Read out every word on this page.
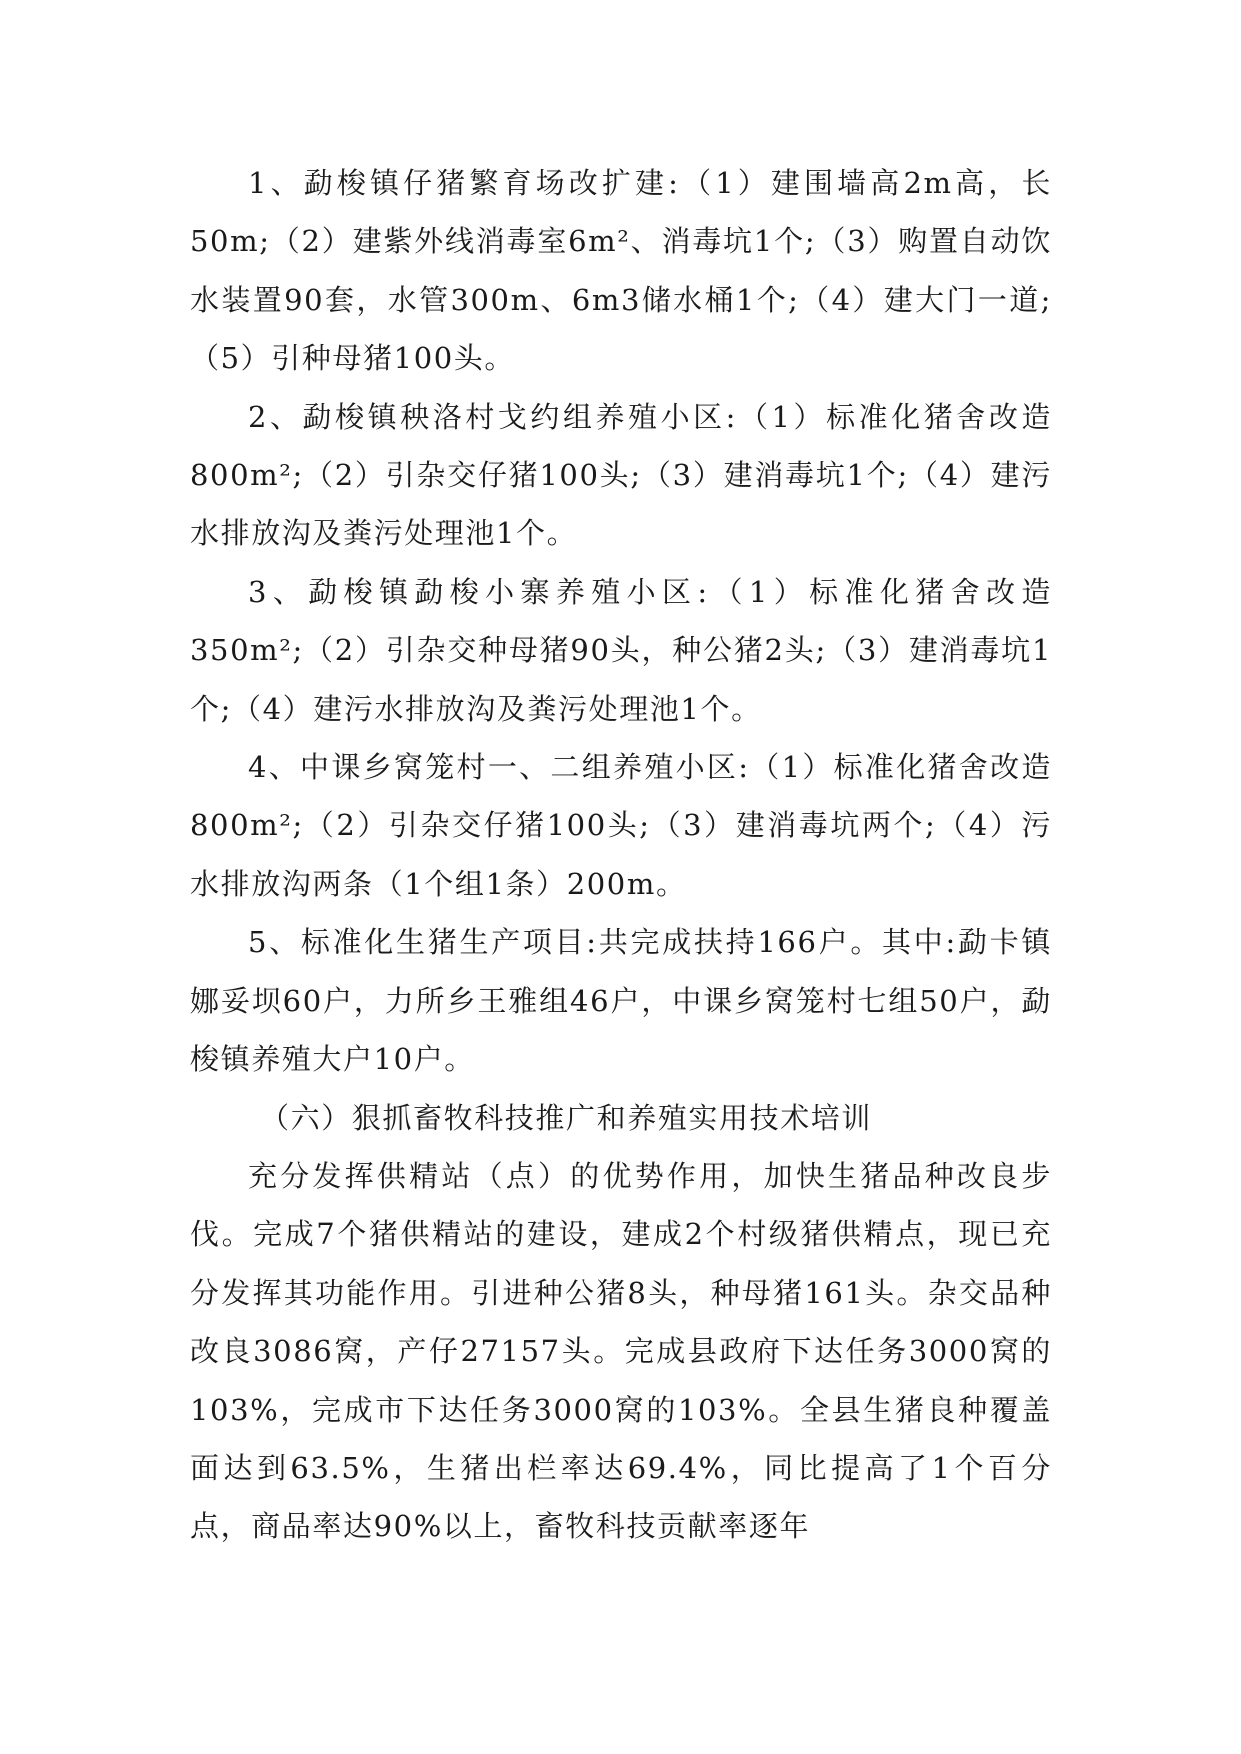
1、勐梭镇仔猪繁育场改扩建:（1）建围墙高2m高，长50m;（2）建紫外线消毒室6m²、消毒坑1个;（3）购置自动饮水装置90套，水管300m、6m3储水桶1个;（4）建大门一道;（5）引种母猪100头。

2、勐梭镇秧洛村戈约组养殖小区:（1）标准化猪舍改造800m²;（2）引杂交仔猪100头;（3）建消毒坑1个;（4）建污水排放沟及粪污处理池1个。

3、勐梭镇勐梭小寨养殖小区:（1）标准化猪舍改造350m²;（2）引杂交种母猪90头，种公猪2头;（3）建消毒坑1个;（4）建污水排放沟及粪污处理池1个。

4、中课乡窝笼村一、二组养殖小区:（1）标准化猪舍改造800m²;（2）引杂交仔猪100头;（3）建消毒坑两个;（4）污水排放沟两条（1个组1条）200m。

5、标准化生猪生产项目:共完成扶持166户。其中:勐卡镇娜妥坝60户，力所乡王雅组46户，中课乡窝笼村七组50户，勐梭镇养殖大户10户。

（六）狠抓畜牧科技推广和养殖实用技术培训

充分发挥供精站（点）的优势作用，加快生猪品种改良步伐。完成7个猪供精站的建设，建成2个村级猪供精点，现已充分发挥其功能作用。引进种公猪8头，种母猪161头。杂交品种改良3086窝，产仔27157头。完成县政府下达任务3000窝的103%，完成市下达任务3000窝的103%。全县生猪良种覆盖面达到63.5%，生猪出栏率达69.4%，同比提高了1个百分点，商品率达90%以上，畜牧科技贡献率逐年
